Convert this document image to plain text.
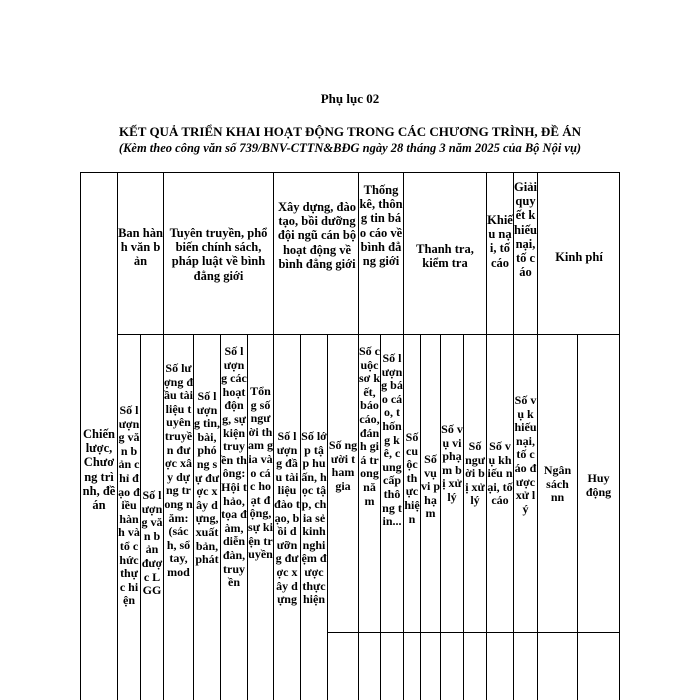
Phụ lục 02
KẾT QUẢ TRIỂN KHAI HOẠT ĐỘNG TRONG CÁC CHƯƠNG TRÌNH, ĐỀ ÁN
(Kèm theo công văn số 739/BNV-CTTN&BĐG ngày 28 tháng 3 năm 2025 của Bộ Nội vụ)
Chiến lược, Chương trình, đề án
Ban hành văn bản
Tuyên truyền, phổ biến chính sách, pháp luật về bình đẳng giới
Xây dựng, đào tạo, bồi dưỡng đội ngũ cán bộ hoạt động về bình đẳng giới
Thống kê, thông tin báo cáo về bình đẳng giới
Thanh tra, kiểm tra
Khiếu nại, tố cáo
Giải quyết khiếu nại, tố cáo
Kinh phí
Số lượng văn bản chỉ đạo điều hành và tổ chức thực hiện
Số lượng văn bản được LGG
Số lượng đầu tài liệu tuyên truyền được xây dựng trong năm: (sách, sổ tay, mod
Số lượng tin, bài, phóng sự được xây dựng, xuất bản, phát
Số lượng các hoạt động, sự kiện truyền thông: Hội thảo, tọa đàm, diễn đàn, truyền
Tổng số người tham gia vào các hoạt động, sự kiện truyền
Số lượng đầu tài liệu đào tạo, bồi dưỡng được xây dựng
Số lớp tập huấn, học tập, chia sẻ kinh nghiệm được thực hiện
Số người tham gia
Số cuộc sơ kết, báo cáo, đánh giá trong năm
Số lượng báo cáo, thống kê, cung cấp thông tin...
Số cuộc thực hiện
Số vụ vi phạm
Số vụ vi phạm bị xử lý
Số người bị xử lý
Số vụ khiếu nại, tố cáo
Số vụ khiếu nại, tố cáo được xử lý
Ngân sách nn
Huy động
